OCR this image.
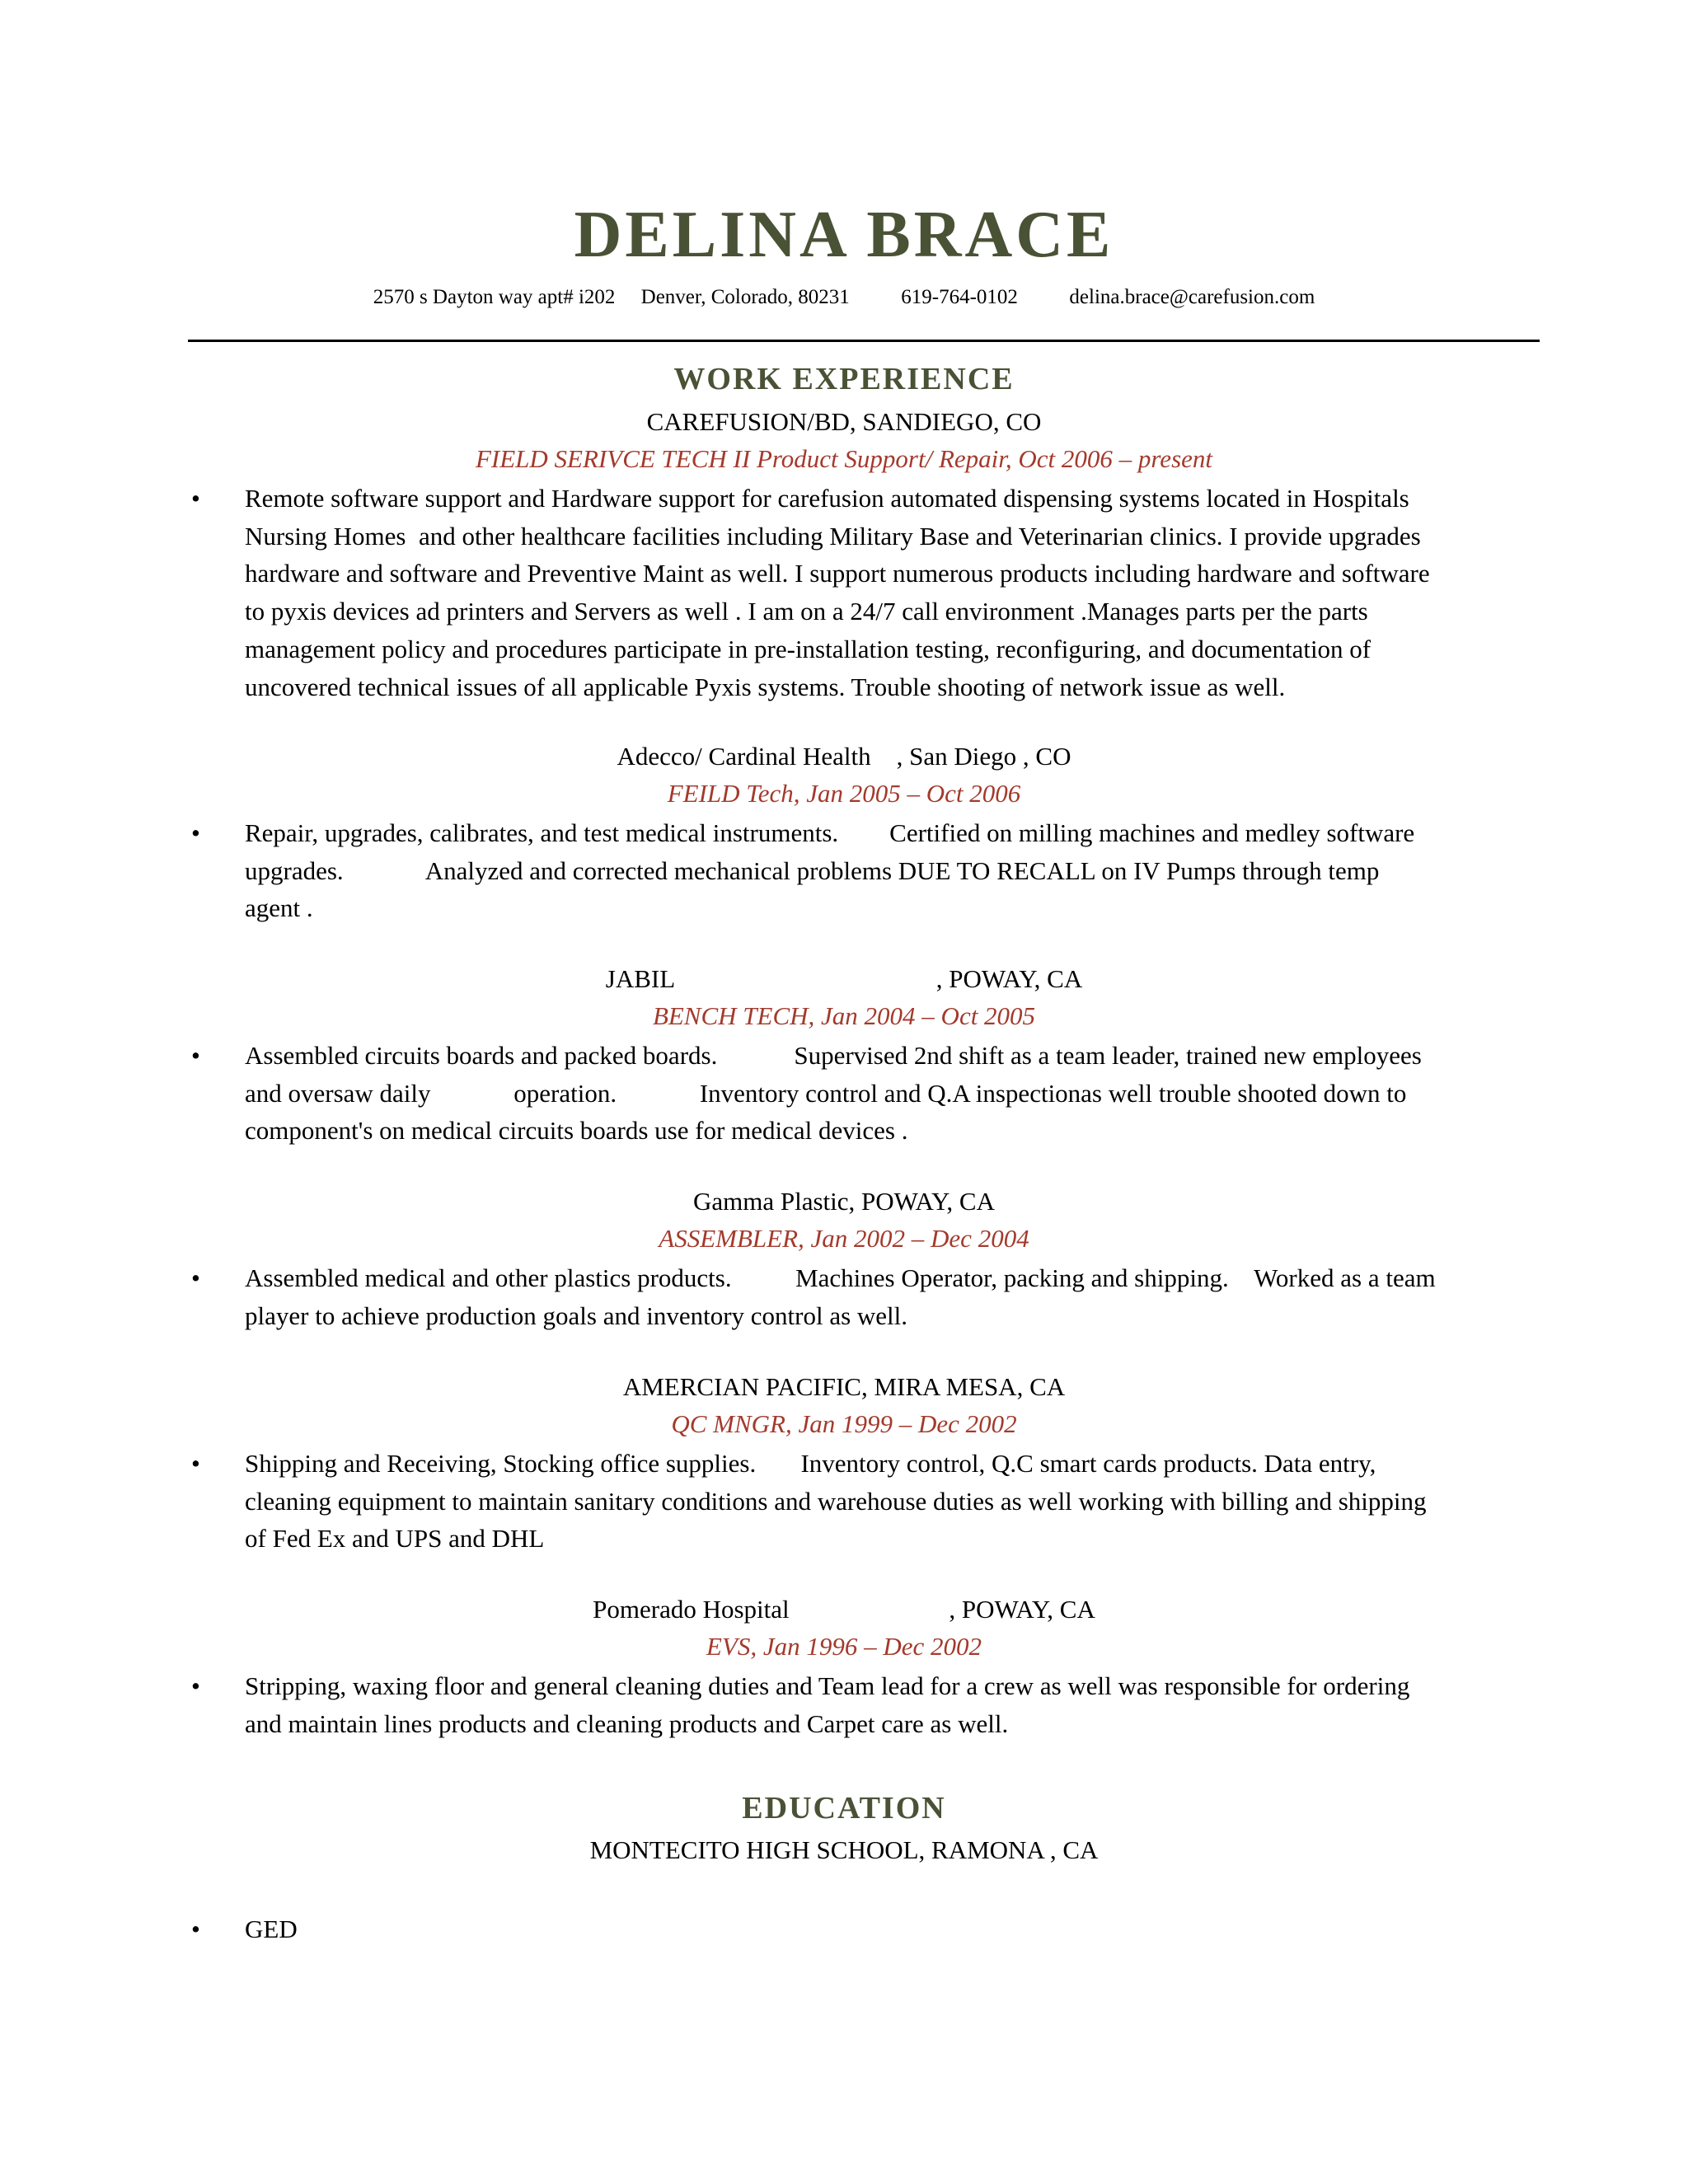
DELINA BRACE
2570 s Dayton way apt# i202     Denver, Colorado, 80231          619-764-0102          delina.brace@carefusion.com
WORK EXPERIENCE
CAREFUSION/BD, SANDIEGO, CO
FIELD SERIVCE TECH II Product Support/ Repair, Oct 2006 – present
• Remote software support and Hardware support for carefusion automated dispensing systems located in Hospitals
Nursing Homes  and other healthcare facilities including Military Base and Veterinarian clinics. I provide upgrades
hardware and software and Preventive Maint as well. I support numerous products including hardware and software
to pyxis devices ad printers and Servers as well . I am on a 24/7 call environment .Manages parts per the parts
management policy and procedures participate in pre-installation testing, reconfiguring, and documentation of
uncovered technical issues of all applicable Pyxis systems. Trouble shooting of network issue as well.
Adecco/ Cardinal Health    , San Diego , CO
FEILD Tech, Jan 2005 – Oct 2006
• Repair, upgrades, calibrates, and test medical instruments.        Certified on milling machines and medley software
upgrades.             Analyzed and corrected mechanical problems DUE TO RECALL on IV Pumps through temp
agent .
JABIL                                         , POWAY, CA
BENCH TECH, Jan 2004 – Oct 2005
• Assembled circuits boards and packed boards.            Supervised 2nd shift as a team leader, trained new employees
and oversaw daily             operation.             Inventory control and Q.A inspectionas well trouble shooted down to
component's on medical circuits boards use for medical devices .
Gamma Plastic, POWAY, CA
ASSEMBLER, Jan 2002 – Dec 2004
• Assembled medical and other plastics products.          Machines Operator, packing and shipping.    Worked as a team
player to achieve production goals and inventory control as well.
AMERCIAN PACIFIC, MIRA MESA, CA
QC MNGR, Jan 1999 – Dec 2002
• Shipping and Receiving, Stocking office supplies.       Inventory control, Q.C smart cards products. Data entry,
cleaning equipment to maintain sanitary conditions and warehouse duties as well working with billing and shipping
of Fed Ex and UPS and DHL
Pomerado Hospital                         , POWAY, CA
EVS, Jan 1996 – Dec 2002
• Stripping, waxing floor and general cleaning duties and Team lead for a crew as well was responsible for ordering
and maintain lines products and cleaning products and Carpet care as well.
EDUCATION
MONTECITO HIGH SCHOOL, RAMONA , CA
• GED
